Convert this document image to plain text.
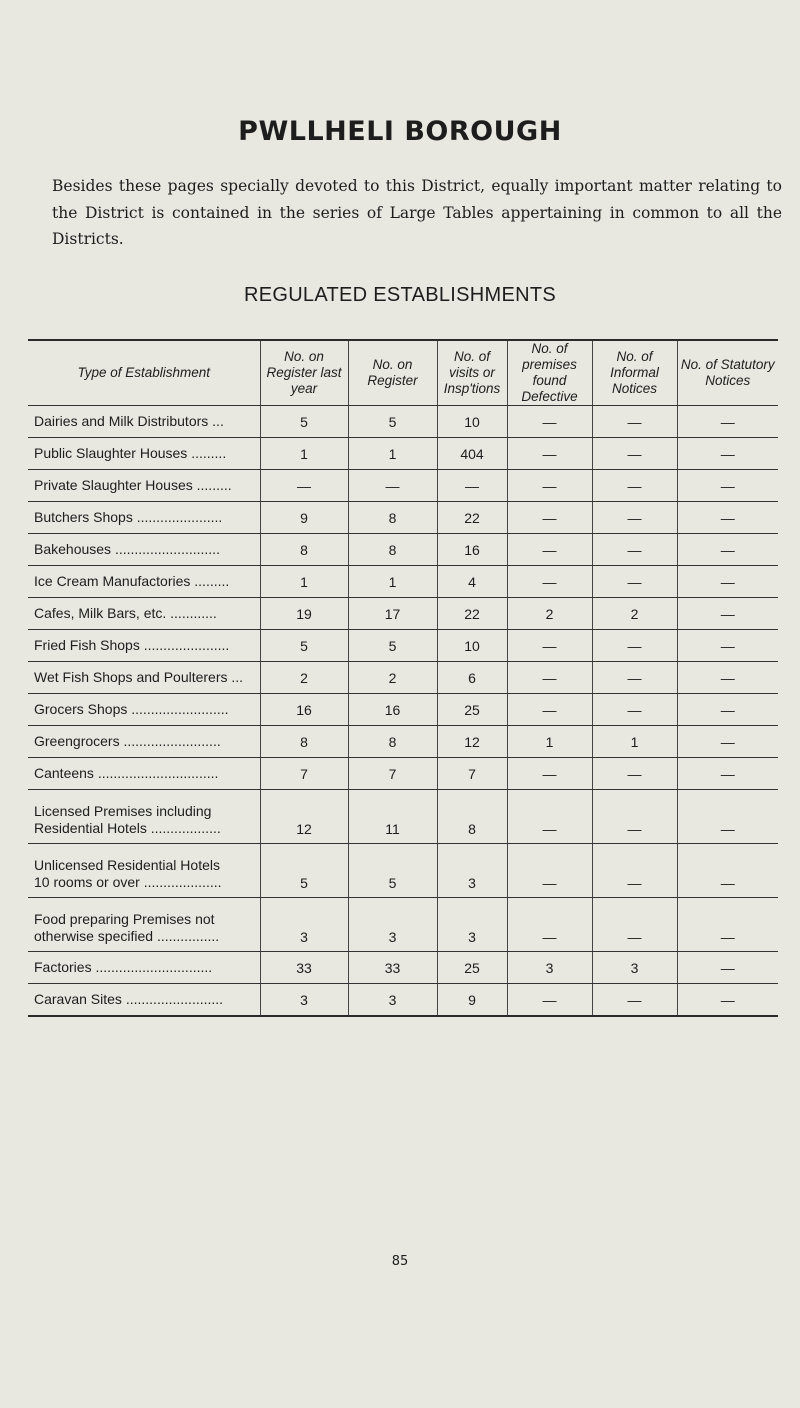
PWLLHELI BOROUGH
Besides these pages specially devoted to this District, equally important matter relating to the District is contained in the series of Large Tables appertaining in common to all the Districts.
REGULATED ESTABLISHMENTS
Type of Establishment	No. on Register last year	No. on Register	No. of visits or Insp'tions	No. of premises found Defective	No. of Informal Notices	No. of Statutory Notices
Dairies and Milk Distributors ...	5	5	10	—	—	—
Public Slaughter Houses .........	1	1	404	—	—	—
Private Slaughter Houses .........	—	—	—	—	—	—
Butchers Shops ......................	9	8	22	—	—	—
Bakehouses ...........................	8	8	16	—	—	—
Ice Cream Manufactories .........	1	1	4	—	—	—
Cafes, Milk Bars, etc. ............	19	17	22	2	2	—
Fried Fish Shops ......................	5	5	10	—	—	—
Wet Fish Shops and Poulterers ...	2	2	6	—	—	—
Grocers Shops .........................	16	16	25	—	—	—
Greengrocers .........................	8	8	12	1	1	—
Canteens ...............................	7	7	7	—	—	—
Licensed Premises including
Residential Hotels ..................	12	11	8	—	—	—
Unlicensed Residential Hotels
10 rooms or over ....................	5	5	3	—	—	—
Food preparing Premises not
otherwise specified ................	3	3	3	—	—	—
Factories ..............................	33	33	25	3	3	—
Caravan Sites .........................	3	3	9	—	—	—
85
